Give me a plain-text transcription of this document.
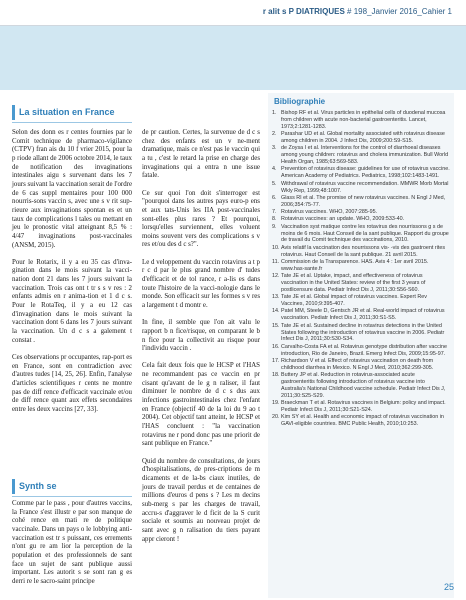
r alit s P DIATRIQUES # 198_Janvier 2016_Cahier 1
La situation en France

Selon des donn es r centes fournies par le Comit technique de pharmaco-vigilance (CTPV) fran ais du 10 f vrier 2015, pour la p riode allant de 2006 octobre 2014, le taux de notification des invaginations intestinales aigu s survenant dans les 7 jours suivant la vaccination serait de l'ordre de 6 cas suppl mentaires pour 100 000 nourris-sons vaccin s, avec une s v rit sup- rieure aux invaginations spontan es et un taux de complications l tales ou mettant en jeu le pronostic vital atteignant 8,5 % : 4/47 invaginations post-vaccinales (ANSM, 2015).

Pour le Rotarix, il y a eu 35 cas d'inva-gination dans le mois suivant la vacci-nation dont 21 dans les 7 jours suivant la vaccination. Trois cas ont t tr s s v res : 2 enfants admis en r anima-tion et 1 d c s. Pour le RotaTeq, il y a eu 12 cas d'invagination dans le mois suivant la vaccination dont 6 dans les 7 jours suivant la vaccination. Un d c s a galement t constat .

Ces observations pr occupantes, rap-port es en France, sont en contradiction avec d'autres tudes [14, 25, 26]. Enfin, l'analyse d'articles scientifiques r cents ne montre pas de diff rence d'efficacit vaccinale et/ou de diff rence quant aux effets secondaires entre les deux vaccins [27, 33].

Synth se

Comme par le pass , pour d'autres vaccins, la France s'est illustr e par son manque de cohé rence en mati re de politique vaccinale. Dans un pays o le lobbying anti-vaccination est tr s puissant, ces errements n'ont gu re am lior la perception de la population et des professionnels de sant face un sujet de sant publique aussi important. Les autorit s se sont ran g es derri re le sacro-saint principe

de pr caution. Certes, la survenue de d c s chez des enfants est un v ne-ment dramatique, mais ce n'est pas le vaccin qui a tu , c'est le retard la prise en charge des invaginations qui a entra n une issue fatale.

Ce sur quoi l'on doit s'interroger est "pourquoi dans les autres pays euro-p ens et aux tats-Unis les IIA post-vaccinales sont-elles plus rares ? Et pourquoi, lorsqu'elles surviennent, elles voluent moins souvent vers des complications s v res et/ou des d c s?".

Le d veloppement du vaccin rotavirus a t p r c d par le plus grand nombre d' tudes d'efficacit et de tol rance, r a-lis es dans toute l'histoire de la vacci-nologie dans le monde. Son efficacit sur les formes s v res a largement t d montr e.

In fine, il semble que l'on ait valu le rapport b n fice/risque, en comparant le b n fice pour la collectivit au risque pour l'individu vaccin .

Cela fait deux fois que le HCSP et l'HAS ne recommandent pas ce vaccin en pr cisant qu'avant de le g n raliser, il faut diminuer le nombre de d c s dus aux infections gastrointestinales chez l'enfant en France (objectif 40 de la loi du 9 ao t 2004). Cet objectif tant atteint, le HCSP et l'HAS concluent : "la vaccination rotavirus ne r pond donc pas une priorit de sant publique en France."

Quid du nombre de consultations, de jours d'hospitalisations, de pres-criptions de m dicaments et de la-bs ciaux inutiles, de jours de travail perdus et de centaines de millions d'euros d pens s ? Les m decins sub-merg s par les charges de travail, accru-s d'aggraver le d ficit de la S curit sociale et soumis au nouveau projet de sant avec g n ralisation du tiers payant appr cieront !

Bibliographie
1. Bishop RF et al. Virus particles in epithelial cells of duodenal mucosa from children with acute non-bacterial gastroenteritis. Lancet, 1973;2:1281-1283.
2. Parashar UD et al. Global mortality associated with rotavirus disease among children in 2004. J Infect Dis, 2009;200:S9-S15.
3. de Zoysa I et al. Interventions for the control of diarrhoeal diseases among young children: rotavirus and cholera immunization. Bull World Health Organ, 1985;63:569-583.
4. Prevention of rotavirus disease: guidelines for use of rotavirus vaccine. American Academy of Pediatrics. Pediatrics, 1998;102:1483-1491.
5. Withdrawal of rotavirus vaccine recommendation. MMWR Morb Mortal Wkly Rep, 1999;48:1007.
6. Glass RI et al. The promise of new rotavirus vaccines. N Engl J Med, 2006;354:75-77.
7. Rotavirus vaccines. WHO, 2007:285-95.
8. Rotavirus vaccines: an update. WHO, 2009:533-40.
9. Vaccination syst matique contre les rotavirus des nourrissons g s de moins de 6 mois. Haut Conseil de la sant publique. Rapport du groupe de travail du Comit technique des vaccinations, 2010.
10. Avis relatif la vaccination des nourrissons vis- -vis des gastroent rites rotavirus. Haut Conseil de la sant publique. 21 avril 2015.
11. Commission de la Transparence. HAS. Avis 4 : 1er avril 2015. www.has-sante.fr
12. Tate JE et al. Uptake, impact, and effectiveness of rotavirus vaccination in the United States: review of the first 3 years of postlicensure data. Pediatr Infect Dis J, 2011;30:S56-S60.
13. Tate JE et al. Global impact of rotavirus vaccines. Expert Rev Vaccines, 2010;9:395-407.
14. Patel MM, Steele D, Gentsch JR et al. Real-world impact of rotavirus vaccination. Pediatr Infect Dis J, 2011;30:S1-S5.
15. Tate JE et al. Sustained decline in rotavirus detections in the United States following the introduction of rotavirus vaccine in 2006. Pediatr Infect Dis J, 2011;30:S30-S34.
16. Carvalho-Costa FA et al. Rotavirus genotype distribution after vaccine introduction, Rio de Janeiro, Brazil. Emerg Infect Dis, 2009;15:95-97.
17. Richardson V et al. Effect of rotavirus vaccination on death from childhood diarrhea in Mexico. N Engl J Med, 2010;362:299-305.
18. Buttery JP et al. Reduction in rotavirus-associated acute gastroenteritis following introduction of rotavirus vaccine into Australia's National Childhood vaccine schedule. Pediatr Infect Dis J, 2011;30:S25-S29.
19. Braeckman T et al. Rotavirus vaccines in Belgium: policy and impact. Pediatr Infect Dis J, 2011;30:S21-S24.
20. Kim SY et al. Health and economic impact of rotavirus vaccination in GAVI-eligible countries. BMC Public Health, 2010;10:253.
25
